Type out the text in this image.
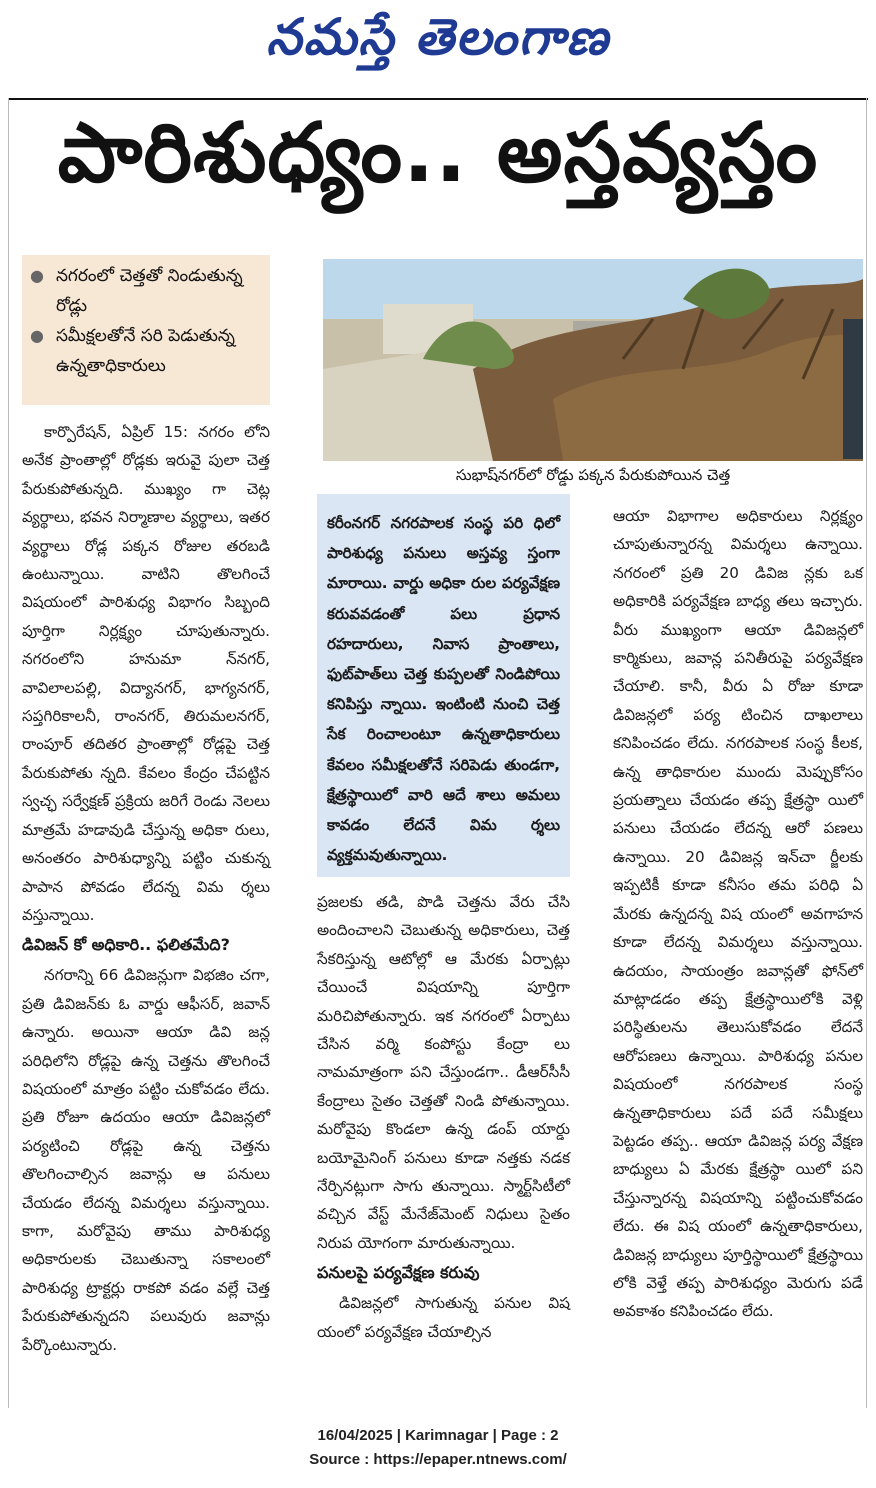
నమస్తే తెలంగాణ
పారిశుధ్యం.. అస్తవ్యస్తం
● నగరంలో చెత్తతో నిండుతున్న రోడ్లు
● సమీక్షలతోనే సరి పెడుతున్న ఉన్నతాధికారులు
సుభాష్‌నగర్‌లో రోడ్డు పక్కన పేరుకుపోయిన చెత్త

కార్పొరేషన్, ఏప్రిల్ 15: నగరం లోని అనేక ప్రాంతాల్లో రోడ్లకు ఇరువై పులా చెత్త పేరుకుపోతున్నది. ముఖ్యం గా చెట్ల వ్యర్థాలు, భవన నిర్మాణాల వ్యర్థాలు, ఇతర వ్యర్థాలు రోడ్ల పక్కన రోజుల తరబడి ఉంటున్నాయి. వాటిని తొలగించే విషయంలో పారిశుధ్య విభాగం సిబ్బంది పూర్తిగా నిర్లక్ష్యం చూపుతున్నారు. నగరంలోని హనుమా న్‌నగర్, వావిలాలపల్లి, విద్యానగర్, భాగ్యనగర్, సప్తగిరికాలనీ, రాంనగర్, తిరుమలనగర్, రాంపూర్ తదితర ప్రాంతాల్లో రోడ్లపై చెత్త పేరుకుపోతు న్నది. కేవలం కేంద్రం చేపట్టిన స్వచ్ఛ సర్వేక్షణ్ ప్రక్రియ జరిగే రెండు నెలలు మాత్రమే హడావుడి చేస్తున్న అధికా రులు, అనంతరం పారిశుధ్యాన్ని పట్టిం చుకున్న పాపాన పోవడం లేదన్న విమ ర్శలు వస్తున్నాయి.

డివిజన్ కో అధికారి.. ఫలితమేది?

నగరాన్ని 66 డివిజన్లుగా విభజిం చగా, ప్రతి డివిజన్‌కు ఓ వార్డు ఆఫీసర్, జవాన్ ఉన్నారు. అయినా ఆయా డివి జన్ల పరిధిలోని రోడ్లపై ఉన్న చెత్తను తొలగించే విషయంలో మాత్రం పట్టిం చుకోవడం లేదు. ప్రతి రోజూ ఉదయం ఆయా డివిజన్లలో పర్యటించి రోడ్లపై ఉన్న చెత్తను తొలగించాల్సిన జవాన్లు ఆ పనులు చేయడం లేదన్న విమర్శలు వస్తున్నాయి. కాగా, మరోవైపు తాము పారిశుధ్య అధికారులకు చెబుతున్నా సకాలంలో పారిశుధ్య ట్రాక్టర్లు రాకపో వడం వల్లే చెత్త పేరుకుపోతున్నదని పలువురు జవాన్లు పేర్కొంటున్నారు.

కరీంనగర్ నగరపాలక సంస్థ పరి ధిలో పారిశుధ్య పనులు అస్తవ్య స్తంగా మారాయి. వార్డు అధికా రుల పర్యవేక్షణ కరువవడంతో పలు ప్రధాన రహదారులు, నివాస ప్రాంతాలు, ఫుట్‌పాత్‌లు చెత్త కుప్పలతో నిండిపోయి కనిపిస్తు న్నాయి. ఇంటింటి నుంచి చెత్త సేక రించాలంటూ ఉన్నతాధికారులు కేవలం సమీక్షలతోనే సరిపెడు తుండగా, క్షేత్రస్థాయిలో వారి ఆదే శాలు అమలు కావడం లేదనే విమ ర్శలు వ్యక్తమవుతున్నాయి.

ప్రజలకు తడి, పొడి చెత్తను వేరు చేసి అందించాలని చెబుతున్న అధికారులు, చెత్త సేకరిస్తున్న ఆటోల్లో ఆ మేరకు ఏర్పాట్లు చేయించే విషయాన్ని పూర్తిగా మరిచిపోతున్నారు. ఇక నగరంలో ఏర్పాటు చేసిన వర్మి కంపోస్టు కేంద్రా లు నామమాత్రంగా పని చేస్తుండగా.. డీఆర్‌సీసీ కేంద్రాలు సైతం చెత్తతో నిండి పోతున్నాయి. మరోవైపు కొండలా ఉన్న డంప్ యార్డు బయోమైనింగ్ పనులు కూడా నత్తకు నడక నేర్పినట్లుగా సాగు తున్నాయి. స్మార్ట్‌సిటీలో వచ్చిన వేస్ట్ మేనేజ్‌మెంట్ నిధులు సైతం నిరుప యోగంగా మారుతున్నాయి.

పనులపై పర్యవేక్షణ కరువు

డివిజన్లలో సాగుతున్న పనుల విష యంలో పర్యవేక్షణ చేయాల్సిన

ఆయా విభాగాల అధికారులు నిర్లక్ష్యం చూపుతున్నారన్న విమర్శలు ఉన్నాయి. నగరంలో ప్రతి 20 డివిజ న్లకు ఒక అధికారికి పర్యవేక్షణ బాధ్య తలు ఇచ్చారు. వీరు ముఖ్యంగా ఆయా డివిజన్లలో కార్మికులు, జవాన్ల పనితీరుపై పర్యవేక్షణ చేయాలి. కానీ, వీరు ఏ రోజు కూడా డివిజన్లలో పర్య టించిన దాఖలాలు కనిపించడం లేదు. నగరపాలక సంస్థ కీలక, ఉన్న తాధికారుల ముందు మెప్పుకోసం ప్రయత్నాలు చేయడం తప్ప క్షేత్రస్థా యిలో పనులు చేయడం లేదన్న ఆరో పణలు ఉన్నాయి. 20 డివిజన్ల ఇన్‌చా ర్జీలకు ఇప్పటికీ కూడా కనీసం తమ పరిధి ఏ మేరకు ఉన్నదన్న విష యంలో అవగాహన కూడా లేదన్న విమర్శలు వస్తున్నాయి. ఉదయం, సాయంత్రం జవాన్లతో ఫోన్‌లో మాట్లాడడం తప్ప క్షేత్రస్థాయిలోకి వెళ్లి పరిస్థితులను తెలుసుకోవడం లేదనే ఆరోపణలు ఉన్నాయి. పారిశుధ్య పనుల విషయంలో నగరపాలక సంస్థ ఉన్నతాధికారులు పదే పదే సమీక్షలు పెట్టడం తప్ప.. ఆయా డివిజన్ల పర్య వేక్షణ బాధ్యులు ఏ మేరకు క్షేత్రస్థా యిలో పని చేస్తున్నారన్న విషయాన్ని పట్టించుకోవడం లేదు. ఈ విష యంలో ఉన్నతాధికారులు, డివిజన్ల బాధ్యులు పూర్తిస్థాయిలో క్షేత్రస్థాయి లోకి వెళ్తే తప్ప పారిశుధ్యం మెరుగు పడే అవకాశం కనిపించడం లేదు.

16/04/2025 | Karimnagar | Page : 2
Source : https://epaper.ntnews.com/
